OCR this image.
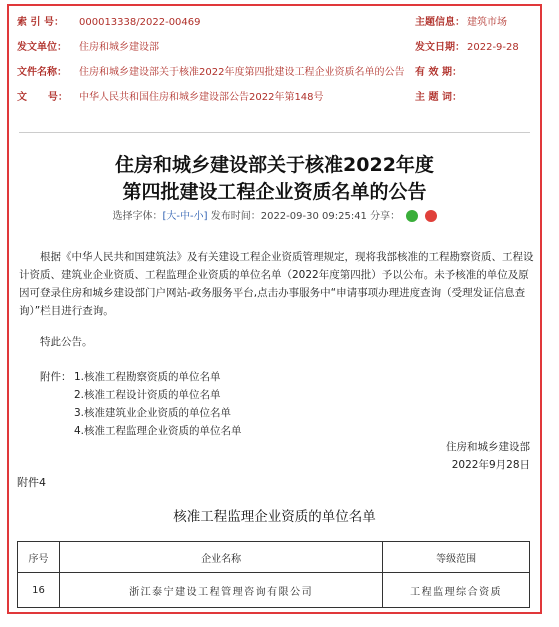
索 引 号： 000013338/2022-00469	主题信息： 建筑市场
发文单位： 住房和城乡建设部	发文日期： 2022-9-28
文件名称： 住房和城乡建设部关于核准2022年度第四批建设工程企业资质名单的公告 有 效 期：
文      号： 中华人民共和国住房和城乡建设部公告2022年第148号	主 题 词：
住房和城乡建设部关于核准2022年度
第四批建设工程企业资质名单的公告
选择字体：[大-中-小] 发布时间：2022-09-30 09:25:41 分享：
根据《中华人民共和国建筑法》及有关建设工程企业资质管理规定，现将我部核准的工程勘察资质、工程设计资质、建筑业企业资质、工程监理企业资质的单位名单（2022年度第四批）予以公布。未予核准的单位及原因可登录住房和城乡建设部门户网站-政务服务平台,点击办事服务中“申请事项办理进度查询（受理发证信息查询）”栏目进行查询。
特此公告。
附件： 1.核准工程勘察资质的单位名单
2.核准工程设计资质的单位名单
3.核准建筑业企业资质的单位名单
4.核准工程监理企业资质的单位名单
住房和城乡建设部
2022年9月28日
附件4
核准工程监理企业资质的单位名单
序号	企业名称	等级范围
16	浙江泰宁建设工程管理咨询有限公司	工程监理综合资质
